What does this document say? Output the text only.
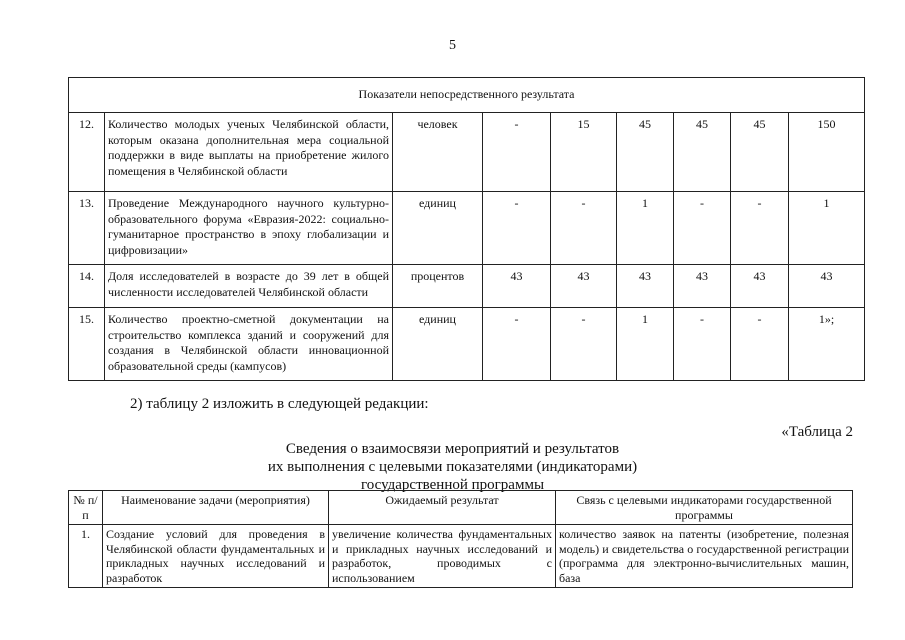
5
Показатели непосредственного результата								
12.	Количество молодых ученых Челябинской области, которым оказана дополнительная мера социальной поддержки в виде выплаты на приобретение жилого помещения в Челябинской области	человек	-	15	45	45	45	150
13.	Проведение Международного научного культурно-образовательного форума «Евразия-2022: социально-гуманитарное пространство в эпоху глобализации и цифровизации»	единиц	-	-	1	-	-	1
14.	Доля исследователей в возрасте до 39 лет в общей численности исследователей Челябинской области	процентов	43	43	43	43	43	43
15.	Количество проектно-сметной документации на строительство комплекса зданий и сооружений для создания в Челябинской области инновационной образовательной среды (кампусов)	единиц	-	-	1	-	-	1»;
2) таблицу 2 изложить в следующей редакции:
«Таблица 2
Сведения о взаимосвязи мероприятий и результатов
их выполнения с целевыми показателями (индикаторами)
государственной программы
№ п/п	Наименование задачи (мероприятия)	Ожидаемый результат	Связь с целевыми индикаторами государственной программы
1.	Создание условий для проведения в Челябинской области фундаментальных и прикладных научных исследований и разработок	увеличение количества фундаментальных и прикладных научных исследований и разработок, проводимых с использованием	количество заявок на патенты (изобретение, полезная модель) и свидетельства о государственной регистрации (программа для электронно-вычислительных машин, база
